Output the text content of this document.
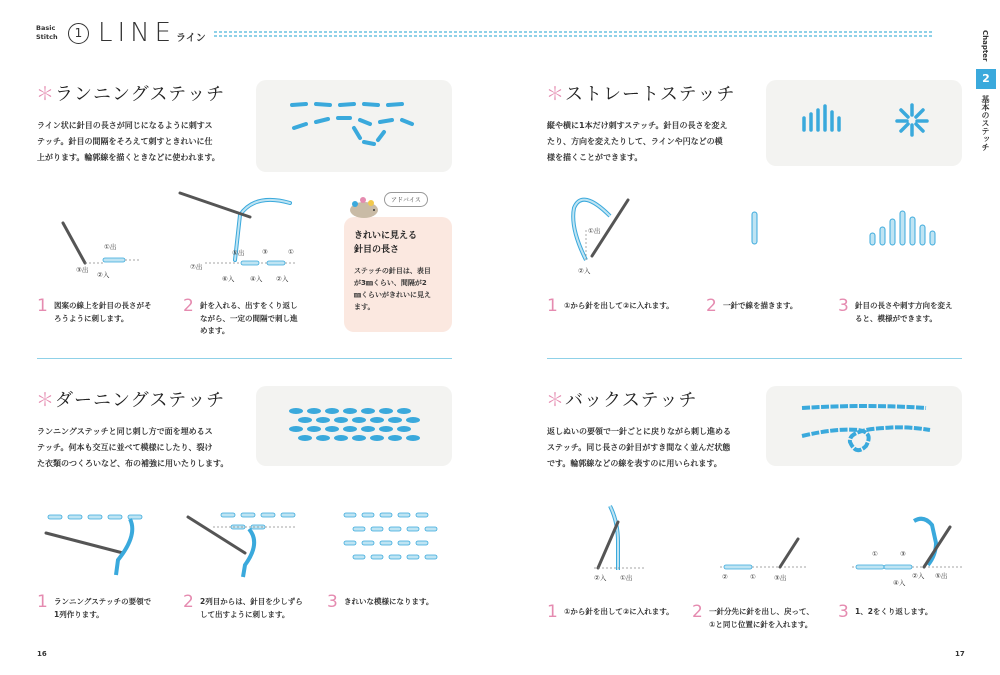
Basic
Stitch	1 LINE ライン	Chapter
2
基本のステッチ
＊ランニングステッチ
ライン状に針目の長さが同じになるように刺すス
テッチ。針目の間隔をそろえて刺すときれいに仕
上がります。輪郭線を描くときなどに使われます。
①出
③出
②入
⑤出	③	①
⑦出
⑥入 ④入 ②入
1 図案の線上を針目の長さがそ
ろうように刺します。
2 針を入れる、出すをくり返し
ながら、一定の間隔で刺し進
めます。
きれいに見える
針目の長さ
ステッチの針目は、表目
が3㎜くらい、間隔が2
㎜くらいがきれいに見え
ます。
アドバイス
＊ダーニングステッチ
ランニングステッチと同じ刺し方で面を埋めるス
テッチ。何本も交互に並べて模様にしたり、裂け
た衣類のつくろいなど、布の補強に用いたりします。
1 ランニングステッチの要領で
1列作ります。
2 2列目からは、針目を少しずら
して出すように刺します。
3 きれいな模様になります。
＊ストレートステッチ
縦や横に1本だけ刺すステッチ。針目の長さを変え
たり、方向を変えたりして、ラインや円などの模
様を描くことができます。
①出
②入
1 ①から針を出して②に入れます。	2 一針で線を描きます。	3 針目の長さや刺す方向を変え
ると、模様ができます。
＊バックステッチ
返しぬいの要領で一針ごとに戻りながら刺し進める
ステッチ。同じ長さの針目がすき間なく並んだ状態
です。輪郭線などの線を表すのに用いられます。
②入 ①出	②	①	③出
①	③
⑤出
④入
②入
1 ①から針を出して②に入れます。	2 一針分先に針を出し、戻って、
①と同じ位置に針を入れます。
3 1、2をくり返します。
16	17
